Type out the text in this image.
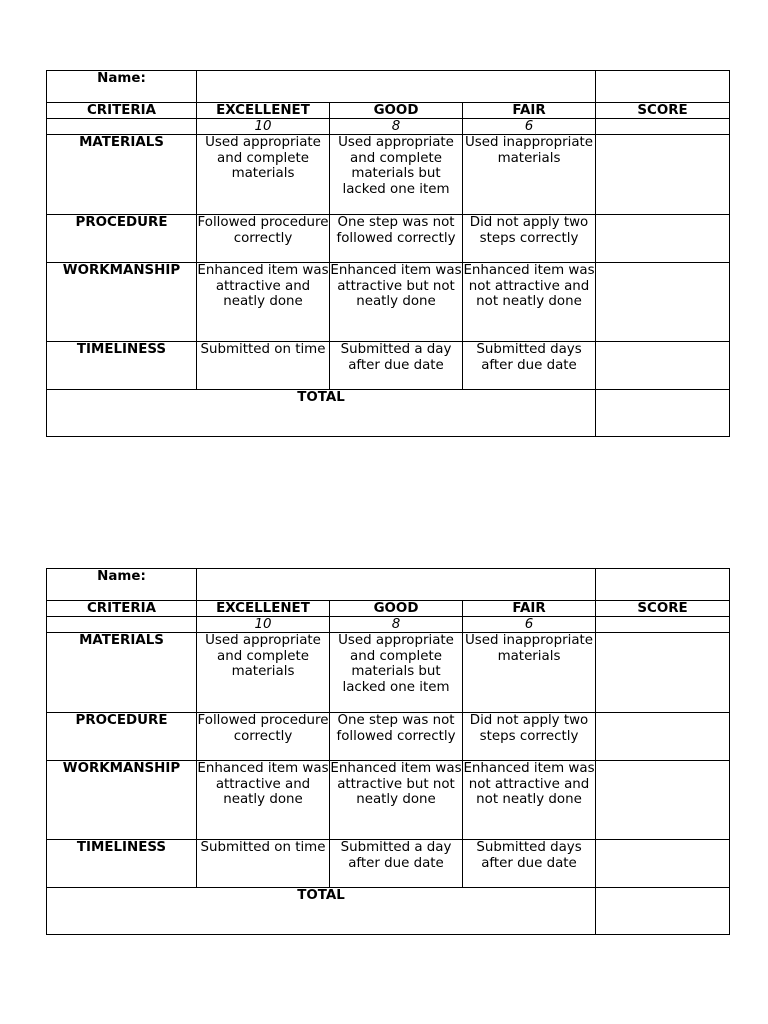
Name:				
CRITERIA	EXCELLENET	GOOD	FAIR	SCORE
	10	8	6	
MATERIALS	Used appropriate and complete materials	Used appropriate and complete materials but lacked one item	Used inappropriate materials	
PROCEDURE	Followed procedure correctly	One step was not followed correctly	Did not apply two steps correctly	
WORKMANSHIP	Enhanced item was attractive and neatly done	Enhanced item was attractive but not neatly done	Enhanced item was not attractive and not neatly done	
TIMELINESS	Submitted on time	Submitted a day after due date	Submitted days after due date	
TOTAL				
Name:				
CRITERIA	EXCELLENET	GOOD	FAIR	SCORE
	10	8	6	
MATERIALS	Used appropriate and complete materials	Used appropriate and complete materials but lacked one item	Used inappropriate materials	
PROCEDURE	Followed procedure correctly	One step was not followed correctly	Did not apply two steps correctly	
WORKMANSHIP	Enhanced item was attractive and neatly done	Enhanced item was attractive but not neatly done	Enhanced item was not attractive and not neatly done	
TIMELINESS	Submitted on time	Submitted a day after due date	Submitted days after due date	
TOTAL				
